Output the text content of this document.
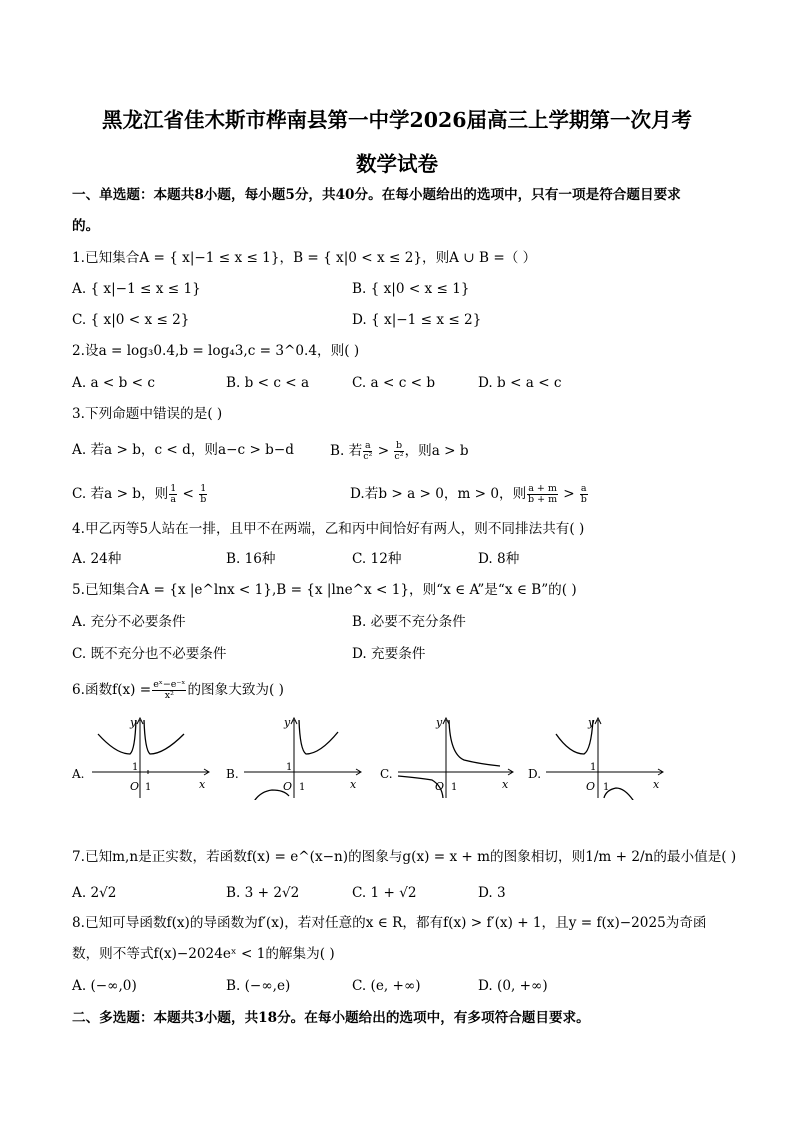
黑龙江省佳木斯市桦南县第一中学2026届高三上学期第一次月考
数学试卷
一、单选题：本题共8小题，每小题5分，共40分。在每小题给出的选项中，只有一项是符合题目要求
的。
1.已知集合A = { x|−1 ≤ x ≤ 1}，B = { x|0 < x ≤ 2}，则A ∪ B =（ ）
A. { x|−1 ≤ x ≤ 1}	B. { x|0 < x ≤ 1}
C. { x|0 < x ≤ 2}	D. { x|−1 ≤ x ≤ 2}
2.设a = log₃0.4,b = log₄3,c = 3^0.4，则( )
A. a < b < c	B. b < c < a	C. a < c < b	D. b < a < c
3.下列命题中错误的是( )
A. 若a > b，c < d，则a−c > b−d	B. 若 $\frac{a}{\text{c²}} > \frac{b}{\text{c²}}$ ，则a > b
C. 若a > b，则 $\frac{1}{a} < \frac{1}{b}$	D.若b > a > 0，m > 0，则 $\frac{a + m}{b + m} > \frac{a}{b}$
4.甲乙丙等5人站在一排，且甲不在两端，乙和丙中间恰好有两人，则不同排法共有( )
A. 24种	B. 16种	C. 12种	D. 8种
5.已知集合A = {x |e^lnx < 1},B = {x |lne^x < 1}，则“x ∈ A”是“x ∈ B”的( )
A. 充分不必要条件	B. 必要不充分条件
C. 既不充分也不必要条件	D. 充要条件
6.函数$f(x) = \frac{\text{eˣ−e⁻ˣ}}{\text{x²}}$ 的图象大致为( )
A.
y
x
O 1
1	B.
y
x
O 1
1	C.
y
x
O 1
D.
y
x
O 1
1
7.已知m,n是正实数，若函数f(x) = e^(x−n)的图象与g(x) = x + m的图象相切，则1/m + 2/n的最小值是( )
A. 2√2	B. 3 + 2√2	C. 1 + √2	D. 3
8.已知可导函数f(x)的导函数为f′(x)，若对任意的x ∈ R，都有f(x) > f′(x) + 1，且y = f(x)−2025为奇函
数，则不等式f(x)−2024eˣ < 1的解集为( )
A. (−∞,0)	B. (−∞,e)	C. (e, +∞)	D. (0, +∞)
二、多选题：本题共3小题，共18分。在每小题给出的选项中，有多项符合题目要求。
